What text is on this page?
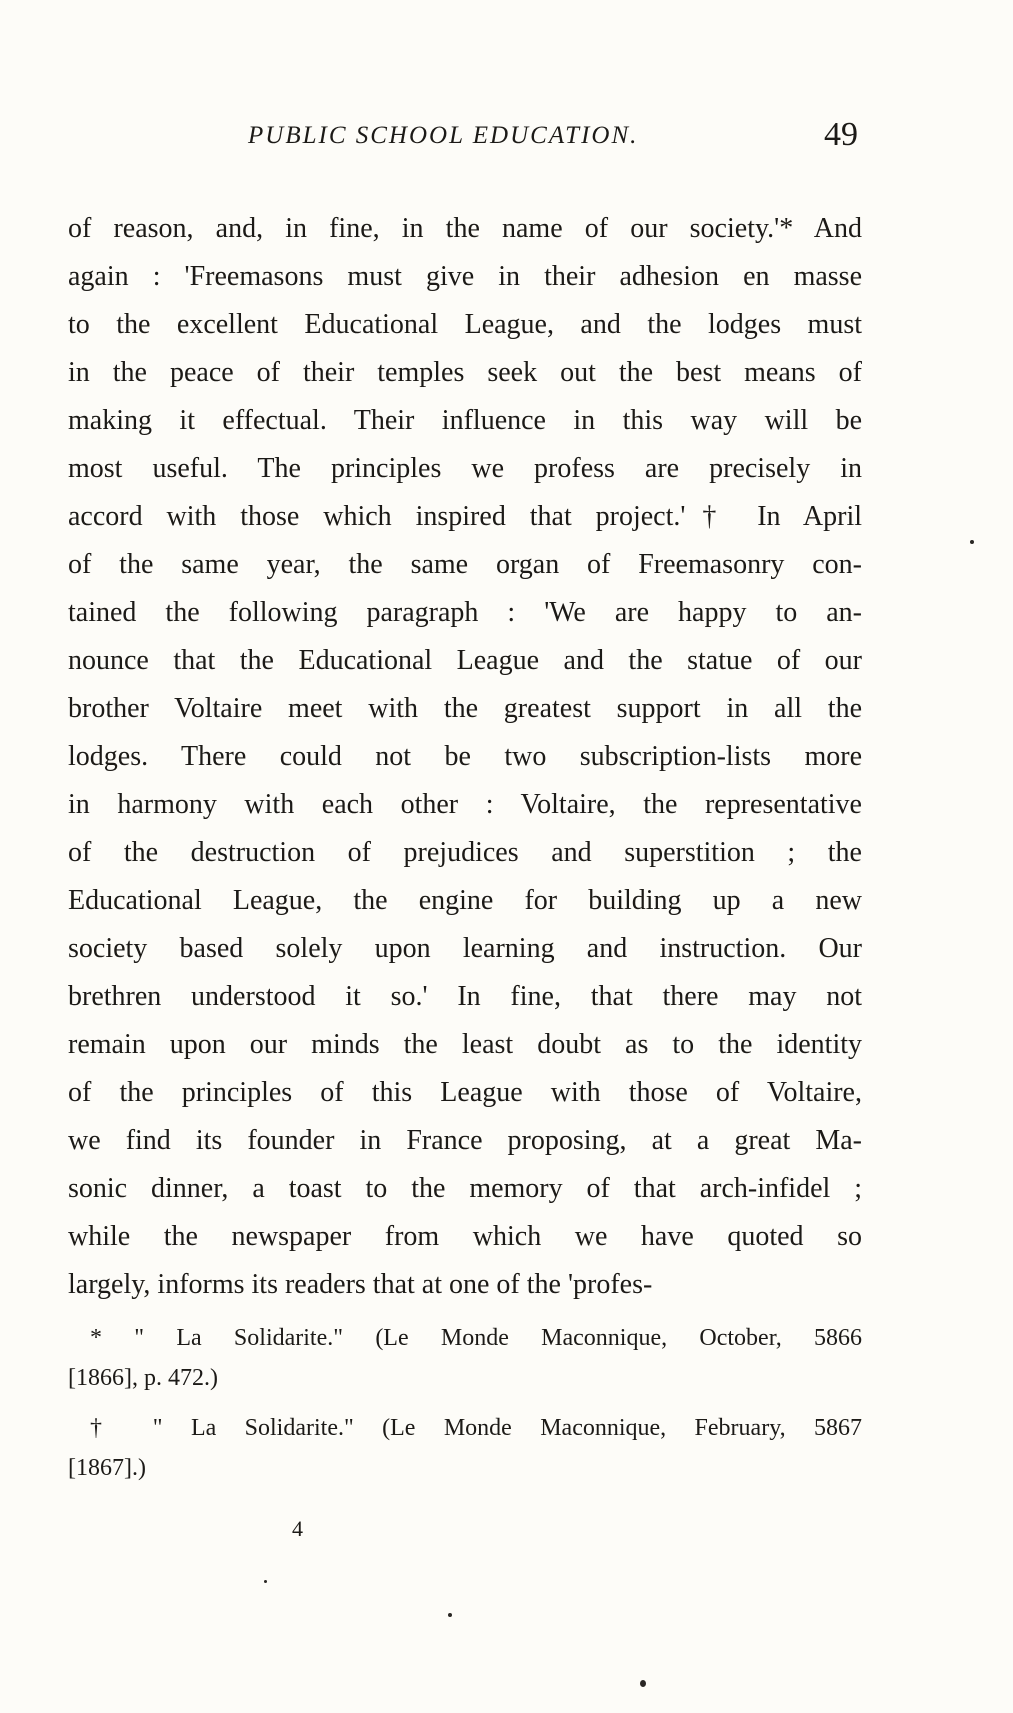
PUBLIC SCHOOL EDUCATION.	49
of reason, and, in fine, in the name of our society.'* And
again : 'Freemasons must give in their adhesion en masse
to the excellent Educational League, and the lodges must
in the peace of their temples seek out the best means of
making it effectual. Their influence in this way will be
most useful. The principles we profess are precisely in
accord with those which inspired that project.'† In April
of the same year, the same organ of Freemasonry con-
tained the following paragraph : 'We are happy to an-
nounce that the Educational League and the statue of our
brother Voltaire meet with the greatest support in all the
lodges. There could not be two subscription-lists more
in harmony with each other : Voltaire, the representative
of the destruction of prejudices and superstition ; the
Educational League, the engine for building up a new
society based solely upon learning and instruction. Our
brethren understood it so.' In fine, that there may not
remain upon our minds the least doubt as to the identity
of the principles of this League with those of Voltaire,
we find its founder in France proposing, at a great Ma-
sonic dinner, a toast to the memory of that arch-infidel ;
while the newspaper from which we have quoted so
largely, informs its readers that at one of the 'profes-
* " La Solidarite." (Le Monde Maconnique, October, 5866
[1866], p. 472.)
† " La Solidarite." (Le Monde Maconnique, February, 5867
[1867].)
4
